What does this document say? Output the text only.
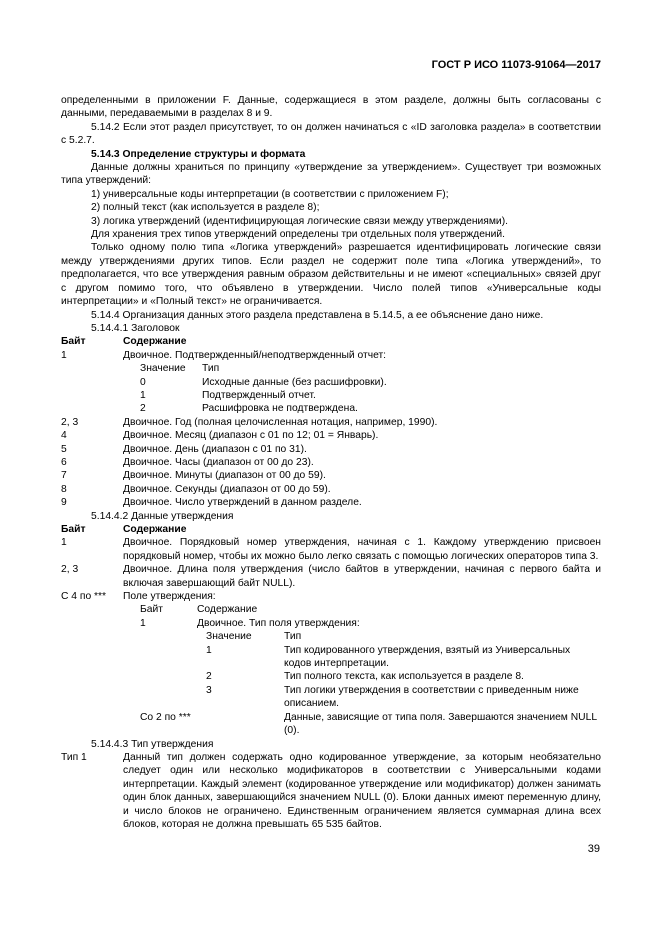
ГОСТ Р ИСО 11073-91064—2017

определенными в приложении F. Данные, содержащиеся в этом разделе, должны быть согласованы с данными, передаваемыми в разделах 8 и 9.

5.14.2 Если этот раздел присутствует, то он должен начинаться с «ID заголовка раздела» в соответствии с 5.2.7.

5.14.3 Определение структуры и формата

Данные должны храниться по принципу «утверждение за утверждением». Существует три возможных типа утверждений:

1) универсальные коды интерпретации (в соответствии с приложением F);
2) полный текст (как используется в разделе 8);
3) логика утверждений (идентифицирующая логические связи между утверждениями).

Для хранения трех типов утверждений определены три отдельных поля утверждений.

Только одному полю типа «Логика утверждений» разрешается идентифицировать логические связи между утверждениями других типов. Если раздел не содержит поле типа «Логика утверждений», то предполагается, что все утверждения равным образом действительны и не имеют «специальных» связей друг с другом помимо того, что объявлено в утверждении. Число полей типов «Универсальные коды интерпретации» и «Полный текст» не ограничивается.

5.14.4 Организация данных этого раздела представлена в 5.14.5, а ее объяснение дано ниже.

5.14.4.1 Заголовок
Байт	Содержание
1	Двоичное. Подтвержденный/неподтвержденный отчет:
Значение	Тип
0	Исходные данные (без расшифровки).
1	Подтвержденный отчет.
2	Расшифровка не подтверждена.
2, 3	Двоичное. Год (полная целочисленная нотация, например, 1990).
4	Двоичное. Месяц (диапазон с 01 по 12; 01 = Январь).
5	Двоичное. День (диапазон с 01 по 31).
6	Двоичное. Часы (диапазон от 00 до 23).
7	Двоичное. Минуты (диапазон от 00 до 59).
8	Двоичное. Секунды (диапазон от 00 до 59).
9	Двоичное. Число утверждений в данном разделе.
5.14.4.2 Данные утверждения
Байт	Содержание
1	Двоичное. Порядковый номер утверждения, начиная с 1. Каждому утверждению присвоен порядковый номер, чтобы их можно было легко связать с помощью логических операторов типа 3.
2, 3	Двоичное. Длина поля утверждения (число байтов в утверждении, начиная с первого байта и включая завершающий байт NULL).
С 4 по ***	Поле утверждения:
Байт	Содержание
1	Двоичное. Тип поля утверждения:
Значение	Тип
1	Тип кодированного утверждения, взятый из Универсальных кодов интерпретации.
2	Тип полного текста, как используется в разделе 8.
3	Тип логики утверждения в соответствии с приведенным ниже описанием.
Со 2 по ***	Данные, зависящие от типа поля. Завершаются значением NULL (0).
5.14.4.3 Тип утверждения
Тип 1	Данный тип должен содержать одно кодированное утверждение, за которым необязательно следует один или несколько модификаторов в соответствии с Универсальными кодами интерпретации. Каждый элемент (кодированное утверждение или модификатор) должен занимать один блок данных, завершающийся значением NULL (0). Блоки данных имеют переменную длину, и число блоков не ограничено. Единственным ограничением является суммарная длина всех блоков, которая не должна превышать 65 535 байтов.
39
